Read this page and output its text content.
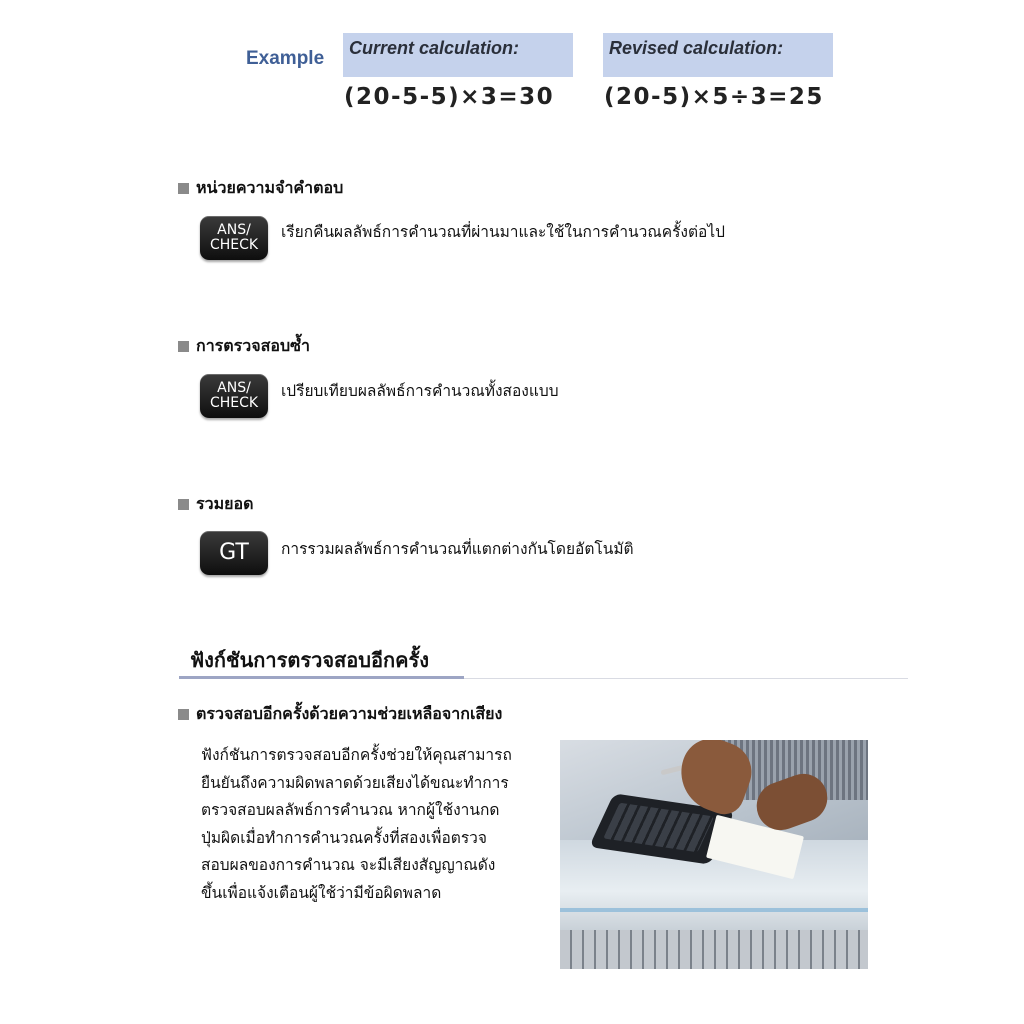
Example	Current calculation:
(20-5-5)×3=30
Revised calculation:
(20-5)×5÷3=25
หน่วยความจำคำตอบ
ANS/
CHECK
เรียกคืนผลลัพธ์การคำนวณที่ผ่านมาและใช้ในการคำนวณครั้งต่อไป
การตรวจสอบซ้ำ
ANS/
CHECK
เปรียบเทียบผลลัพธ์การคำนวณทั้งสองแบบ
รวมยอด
GT การรวมผลลัพธ์การคำนวณที่แตกต่างกันโดยอัตโนมัติ
ฟังก์ชันการตรวจสอบอีกครั้ง
ตรวจสอบอีกครั้งด้วยความช่วยเหลือจากเสียง
ฟังก์ชันการตรวจสอบอีกครั้งช่วยให้คุณสามารถ
ยืนยันถึงความผิดพลาดด้วยเสียงได้ขณะทำการ
ตรวจสอบผลลัพธ์การคำนวณ หากผู้ใช้งานกด
ปุ่มผิดเมื่อทำการคำนวณครั้งที่สองเพื่อตรวจ
สอบผลของการคำนวณ จะมีเสียงสัญญาณดัง
ขึ้นเพื่อแจ้งเตือนผู้ใช้ว่ามีข้อผิดพลาด
